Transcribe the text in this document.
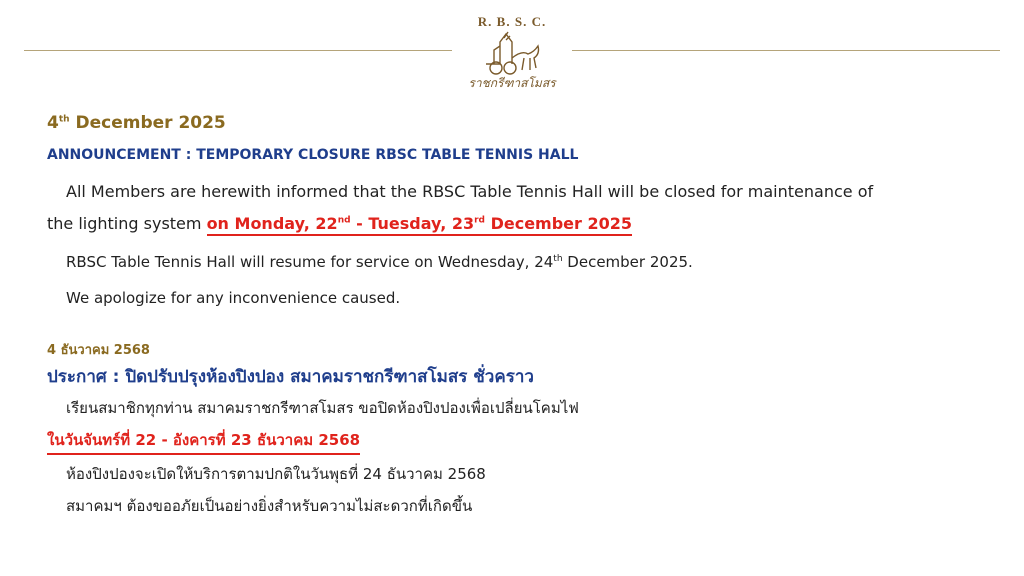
R. B. S. C.
ราชกรีฑาสโมสร
4th December 2025
ANNOUNCEMENT : TEMPORARY CLOSURE RBSC TABLE TENNIS HALL
All Members are herewith informed that the RBSC Table Tennis Hall will be closed for maintenance of
the lighting system on Monday, 22nd - Tuesday, 23rd December 2025
RBSC Table Tennis Hall will resume for service on Wednesday, 24th December 2025.
We apologize for any inconvenience caused.
4 ธันวาคม 2568
ประกาศ : ปิดปรับปรุงห้องปิงปอง สมาคมราชกรีฑาสโมสร ชั่วคราว
เรียนสมาชิกทุกท่าน สมาคมราชกรีฑาสโมสร ขอปิดห้องปิงปองเพื่อเปลี่ยนโคมไฟ
ในวันจันทร์ที่ 22 - อังคารที่ 23 ธันวาคม 2568
ห้องปิงปองจะเปิดให้บริการตามปกติในวันพุธที่ 24 ธันวาคม 2568
สมาคมฯ ต้องขออภัยเป็นอย่างยิ่งสำหรับความไม่สะดวกที่เกิดขึ้น
